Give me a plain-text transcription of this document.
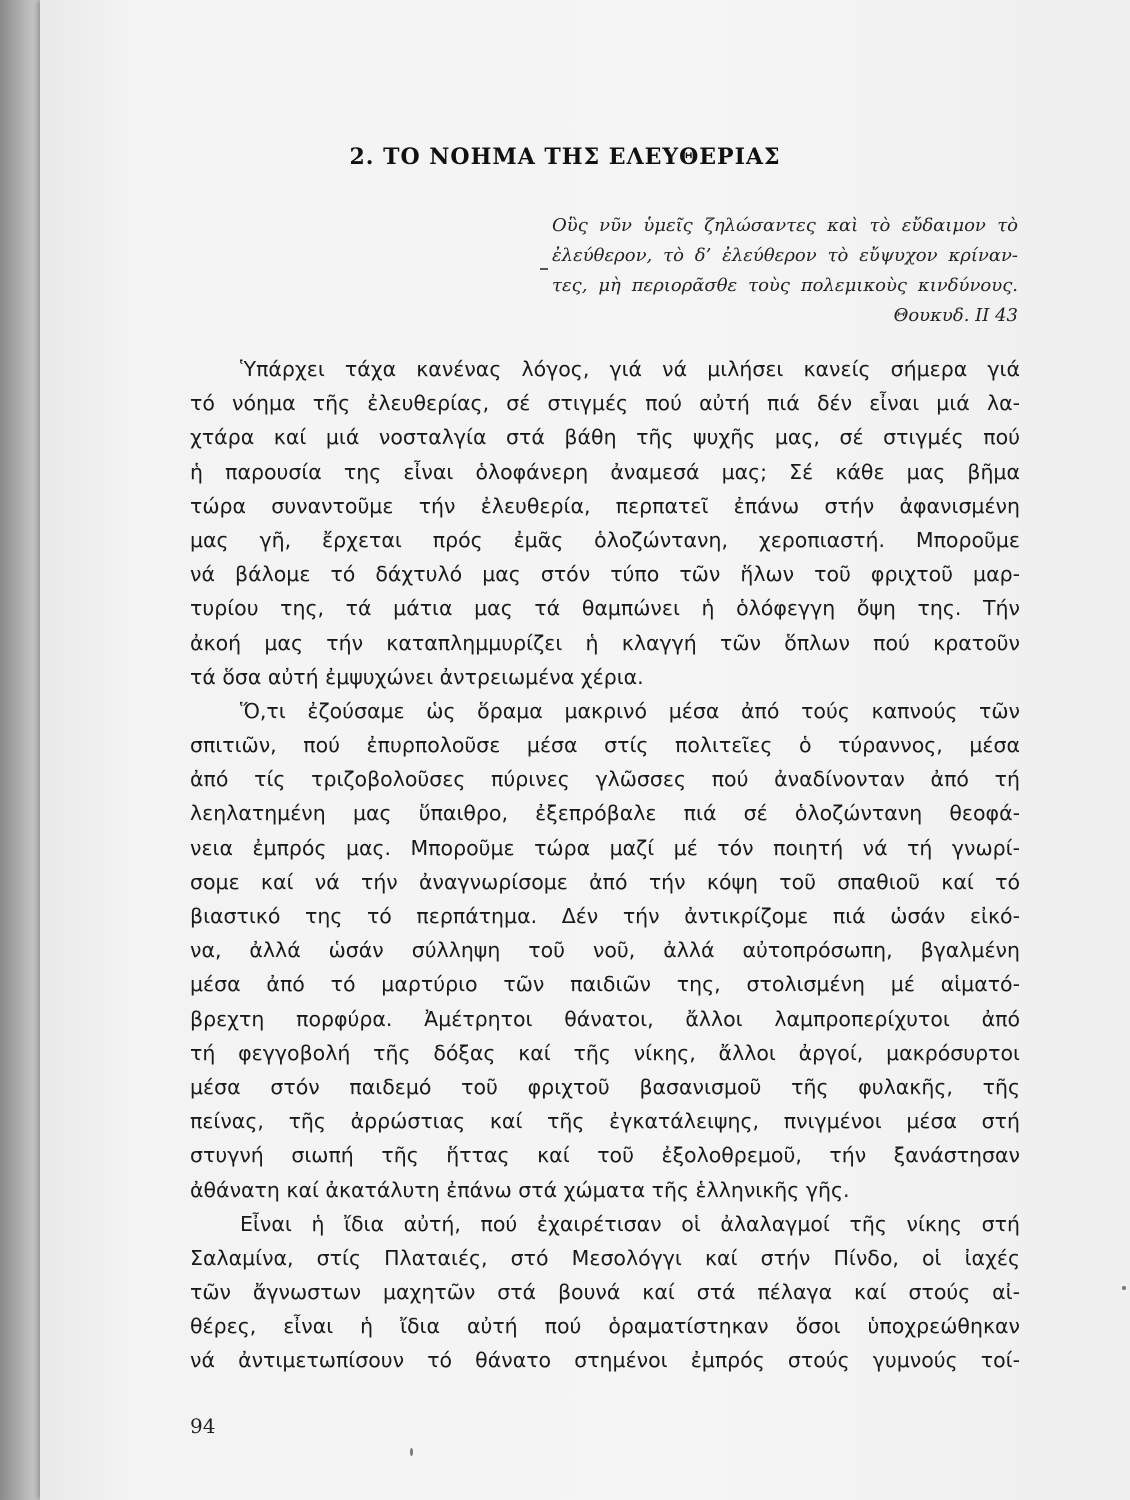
2. ΤΟ ΝΟΗΜΑ ΤΗΣ ΕΛΕΥΘΕΡΙΑΣ
Οὓς νῦν ὑμεῖς ζηλώσαντες καὶ τὸ εὔδαιμον τὸ
ἐλεύθερον, τὸ δ’ ἐλεύθερον τὸ εὔψυχον κρίναν-
τες, μὴ περιορᾶσθε τοὺς πολεμικοὺς κινδύνους.
Θουκυδ. II 43
Ὑπάρχει τάχα κανένας λόγος, γιά νά μιλήσει κανείς σήμερα γιά
τό νόημα τῆς ἐλευθερίας, σέ στιγμές πού αὐτή πιά δέν εἶναι μιά λα-
χτάρα καί μιά νοσταλγία στά βάθη τῆς ψυχῆς μας, σέ στιγμές πού
ἡ παρουσία της εἶναι ὁλοφάνερη ἀναμεσά μας; Σέ κάθε μας βῆμα
τώρα συναντοῦμε τήν ἐλευθερία, περπατεῖ ἐπάνω στήν ἀφανισμένη
μας γῆ, ἔρχεται πρός ἐμᾶς ὁλοζώντανη, χεροπιαστή. Μποροῦμε
νά βάλομε τό δάχτυλό μας στόν τύπο τῶν ἥλων τοῦ φριχτοῦ μαρ-
τυρίου της, τά μάτια μας τά θαμπώνει ἡ ὁλόφεγγη ὄψη της. Τήν
ἀκοή μας τήν καταπλημμυρίζει ἡ κλαγγή τῶν ὅπλων πού κρατοῦν
τά ὅσα αὐτή ἐμψυχώνει ἀντρειωμένα χέρια.
Ὅ,τι ἐζούσαμε ὡς ὅραμα μακρινό μέσα ἀπό τούς καπνούς τῶν
σπιτιῶν, πού ἐπυρπολοῦσε μέσα στίς πολιτεῖες ὁ τύραννος, μέσα
ἀπό τίς τριζοβολοῦσες πύρινες γλῶσσες πού ἀναδίνονταν ἀπό τή
λεηλατημένη μας ὕπαιθρο, ἐξεπρόβαλε πιά σέ ὁλοζώντανη θεοφά-
νεια ἐμπρός μας. Μποροῦμε τώρα μαζί μέ τόν ποιητή νά τή γνωρί-
σομε καί νά τήν ἀναγνωρίσομε ἀπό τήν κόψη τοῦ σπαθιοῦ καί τό
βιαστικό της τό περπάτημα. Δέν τήν ἀντικρίζομε πιά ὡσάν εἰκό-
να, ἀλλά ὡσάν σύλληψη τοῦ νοῦ, ἀλλά αὐτοπρόσωπη, βγαλμένη
μέσα ἀπό τό μαρτύριο τῶν παιδιῶν της, στολισμένη μέ αἱματό-
βρεχτη πορφύρα. Ἀμέτρητοι θάνατοι, ἄλλοι λαμπροπερίχυτοι ἀπό
τή φεγγοβολή τῆς δόξας καί τῆς νίκης, ἄλλοι ἀργοί, μακρόσυρτοι
μέσα στόν παιδεμό τοῦ φριχτοῦ βασανισμοῦ τῆς φυλακῆς, τῆς
πείνας, τῆς ἀρρώστιας καί τῆς ἐγκατάλειψης, πνιγμένοι μέσα στή
στυγνή σιωπή τῆς ἥττας καί τοῦ ἐξολοθρεμοῦ, τήν ξανάστησαν
ἀθάνατη καί ἀκατάλυτη ἐπάνω στά χώματα τῆς ἑλληνικῆς γῆς.
Εἶναι ἡ ἴδια αὐτή, πού ἐχαιρέτισαν οἱ ἀλαλαγμοί τῆς νίκης στή
Σαλαμίνα, στίς Πλαταιές, στό Μεσολόγγι καί στήν Πίνδο, οἱ ἰαχές
τῶν ἄγνωστων μαχητῶν στά βουνά καί στά πέλαγα καί στούς αἰ-
θέρες, εἶναι ἡ ἴδια αὐτή πού ὁραματίστηκαν ὅσοι ὑποχρεώθηκαν
νά ἀντιμετωπίσουν τό θάνατο στημένοι ἐμπρός στούς γυμνούς τοί-
94
